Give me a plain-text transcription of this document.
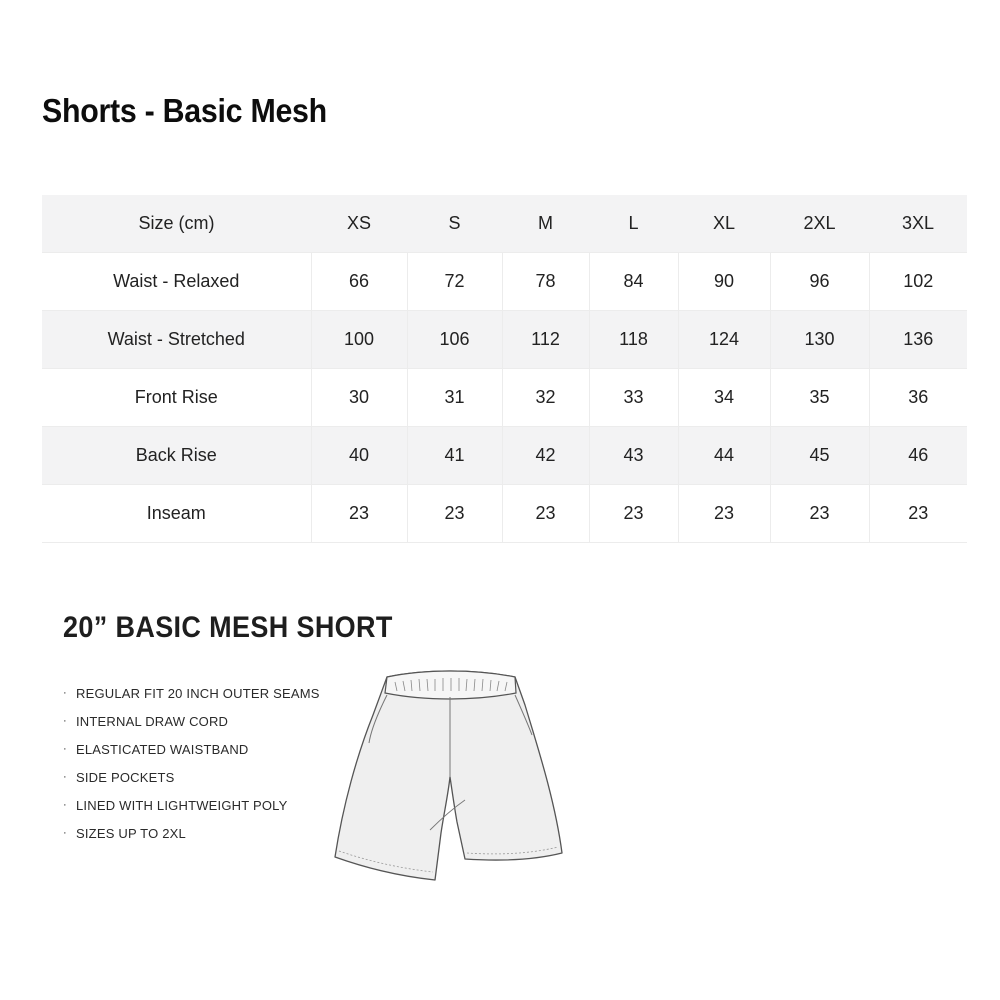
Shorts - Basic Mesh
Size (cm)	XS	S	M	L	XL	2XL	3XL
Waist - Relaxed	66	72	78	84	90	96	102
Waist - Stretched	100	106	112	118	124	130	136
Front Rise	30	31	32	33	34	35	36
Back Rise	40	41	42	43	44	45	46
Inseam	23	23	23	23	23	23	23
20” BASIC MESH SHORT
· REGULAR FIT 20 INCH OUTER SEAMS
· INTERNAL DRAW CORD
· ELASTICATED WAISTBAND
· SIDE POCKETS
· LINED WITH LIGHTWEIGHT POLY
· SIZES UP TO 2XL
